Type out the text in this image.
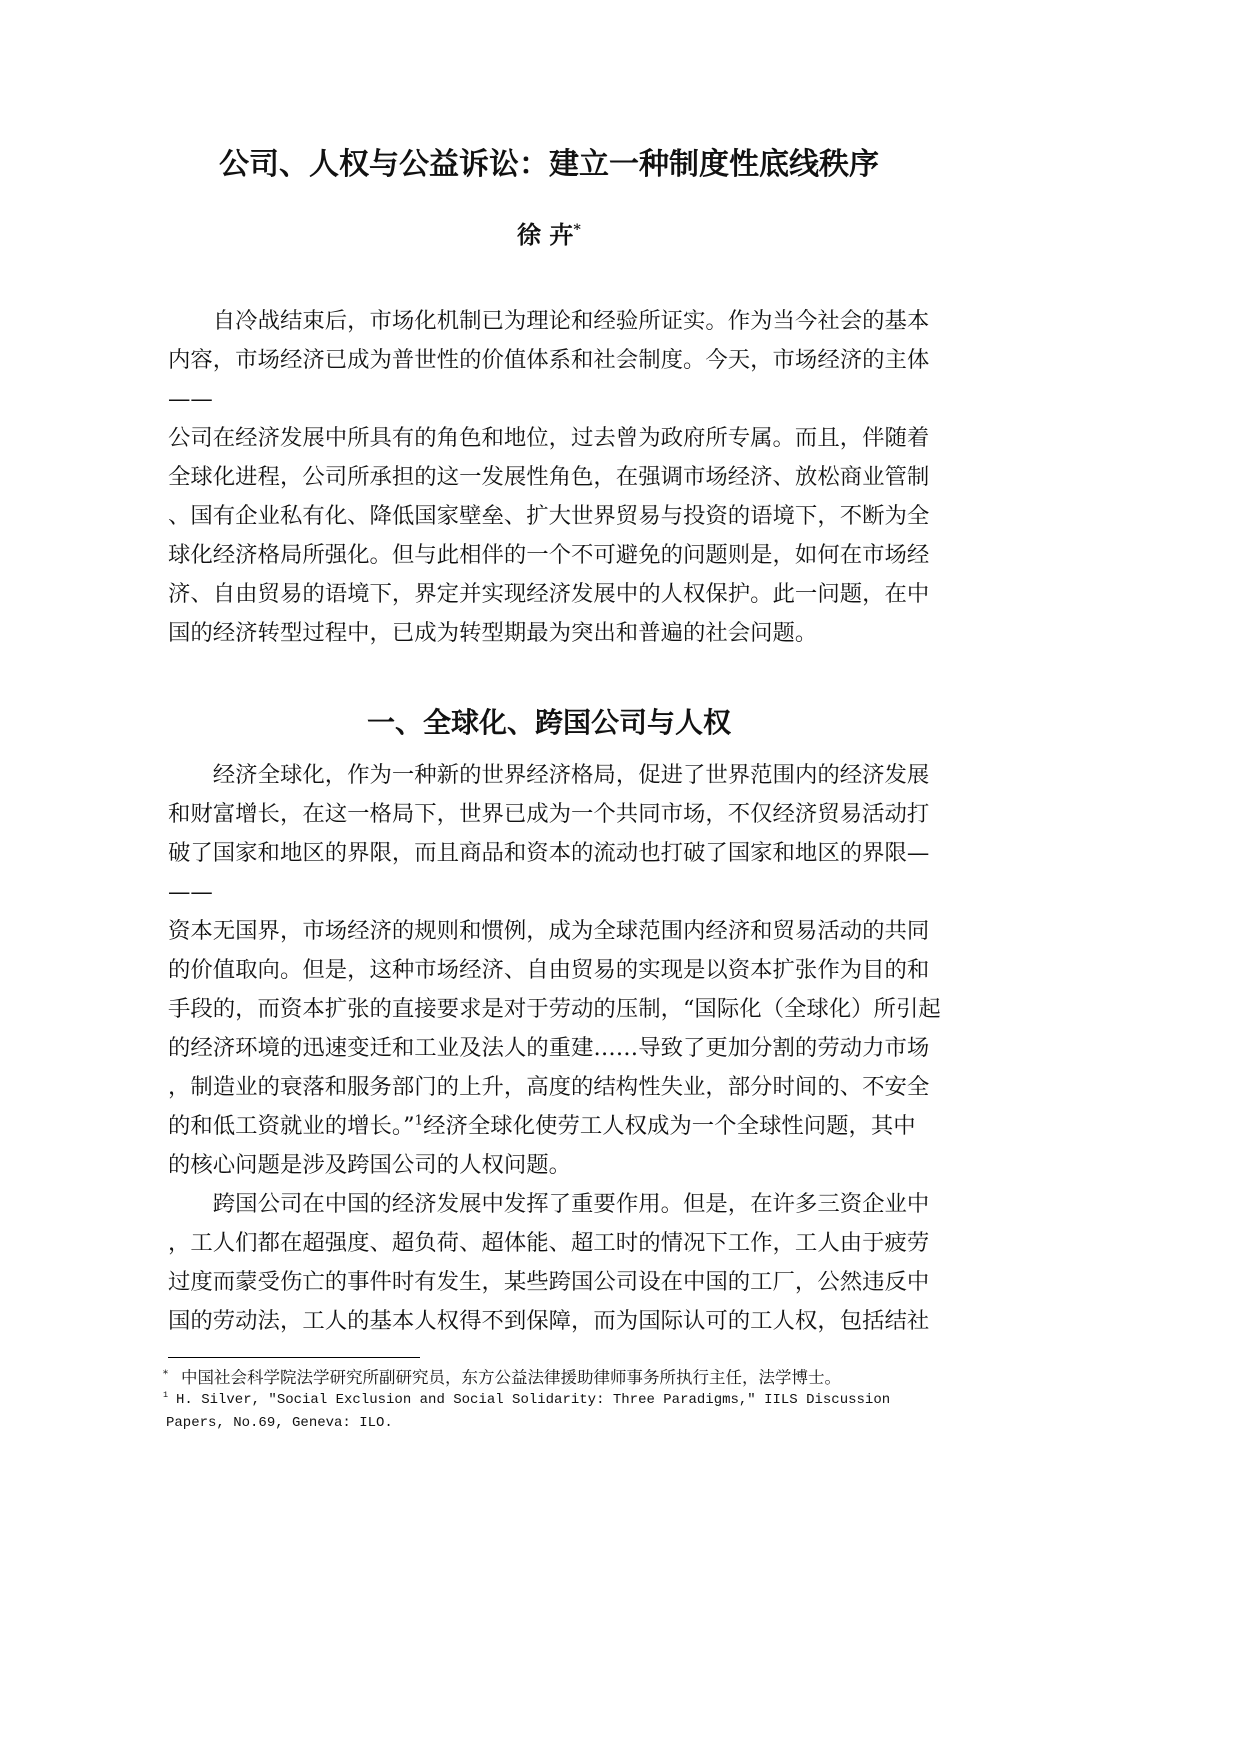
公司、人权与公益诉讼：建立一种制度性底线秩序
徐 卉*
自冷战结束后，市场化机制已为理论和经验所证实。作为当今社会的基本
内容，市场经济已成为普世性的价值体系和社会制度。今天，市场经济的主体
——
公司在经济发展中所具有的角色和地位，过去曾为政府所专属。而且，伴随着
全球化进程，公司所承担的这一发展性角色，在强调市场经济、放松商业管制
、国有企业私有化、降低国家壁垒、扩大世界贸易与投资的语境下，不断为全
球化经济格局所强化。但与此相伴的一个不可避免的问题则是，如何在市场经
济、自由贸易的语境下，界定并实现经济发展中的人权保护。此一问题，在中
国的经济转型过程中，已成为转型期最为突出和普遍的社会问题。
一、全球化、跨国公司与人权
经济全球化，作为一种新的世界经济格局，促进了世界范围内的经济发展
和财富增长，在这一格局下，世界已成为一个共同市场，不仅经济贸易活动打
破了国家和地区的界限，而且商品和资本的流动也打破了国家和地区的界限—
——
资本无国界，市场经济的规则和惯例，成为全球范围内经济和贸易活动的共同
的价值取向。但是，这种市场经济、自由贸易的实现是以资本扩张作为目的和
手段的，而资本扩张的直接要求是对于劳动的压制，“国际化（全球化）所引起
的经济环境的迅速变迁和工业及法人的重建……导致了更加分割的劳动力市场
，制造业的衰落和服务部门的上升，高度的结构性失业，部分时间的、不安全
的和低工资就业的增长。”$^1$经济全球化使劳工人权成为一个全球性问题，其中
的核心问题是涉及跨国公司的人权问题。
跨国公司在中国的经济发展中发挥了重要作用。但是，在许多三资企业中
，工人们都在超强度、超负荷、超体能、超工时的情况下工作，工人由于疲劳
过度而蒙受伤亡的事件时有发生，某些跨国公司设在中国的工厂，公然违反中
国的劳动法，工人的基本人权得不到保障，而为国际认可的工人权，包括结社
* 中国社会科学院法学研究所副研究员，东方公益法律援助律师事务所执行主任，法学博士。
$^1$ H. Silver, "Social Exclusion and Social Solidarity: Three Paradigms," IILS Discussion
Papers, No.69, Geneva: ILO.
